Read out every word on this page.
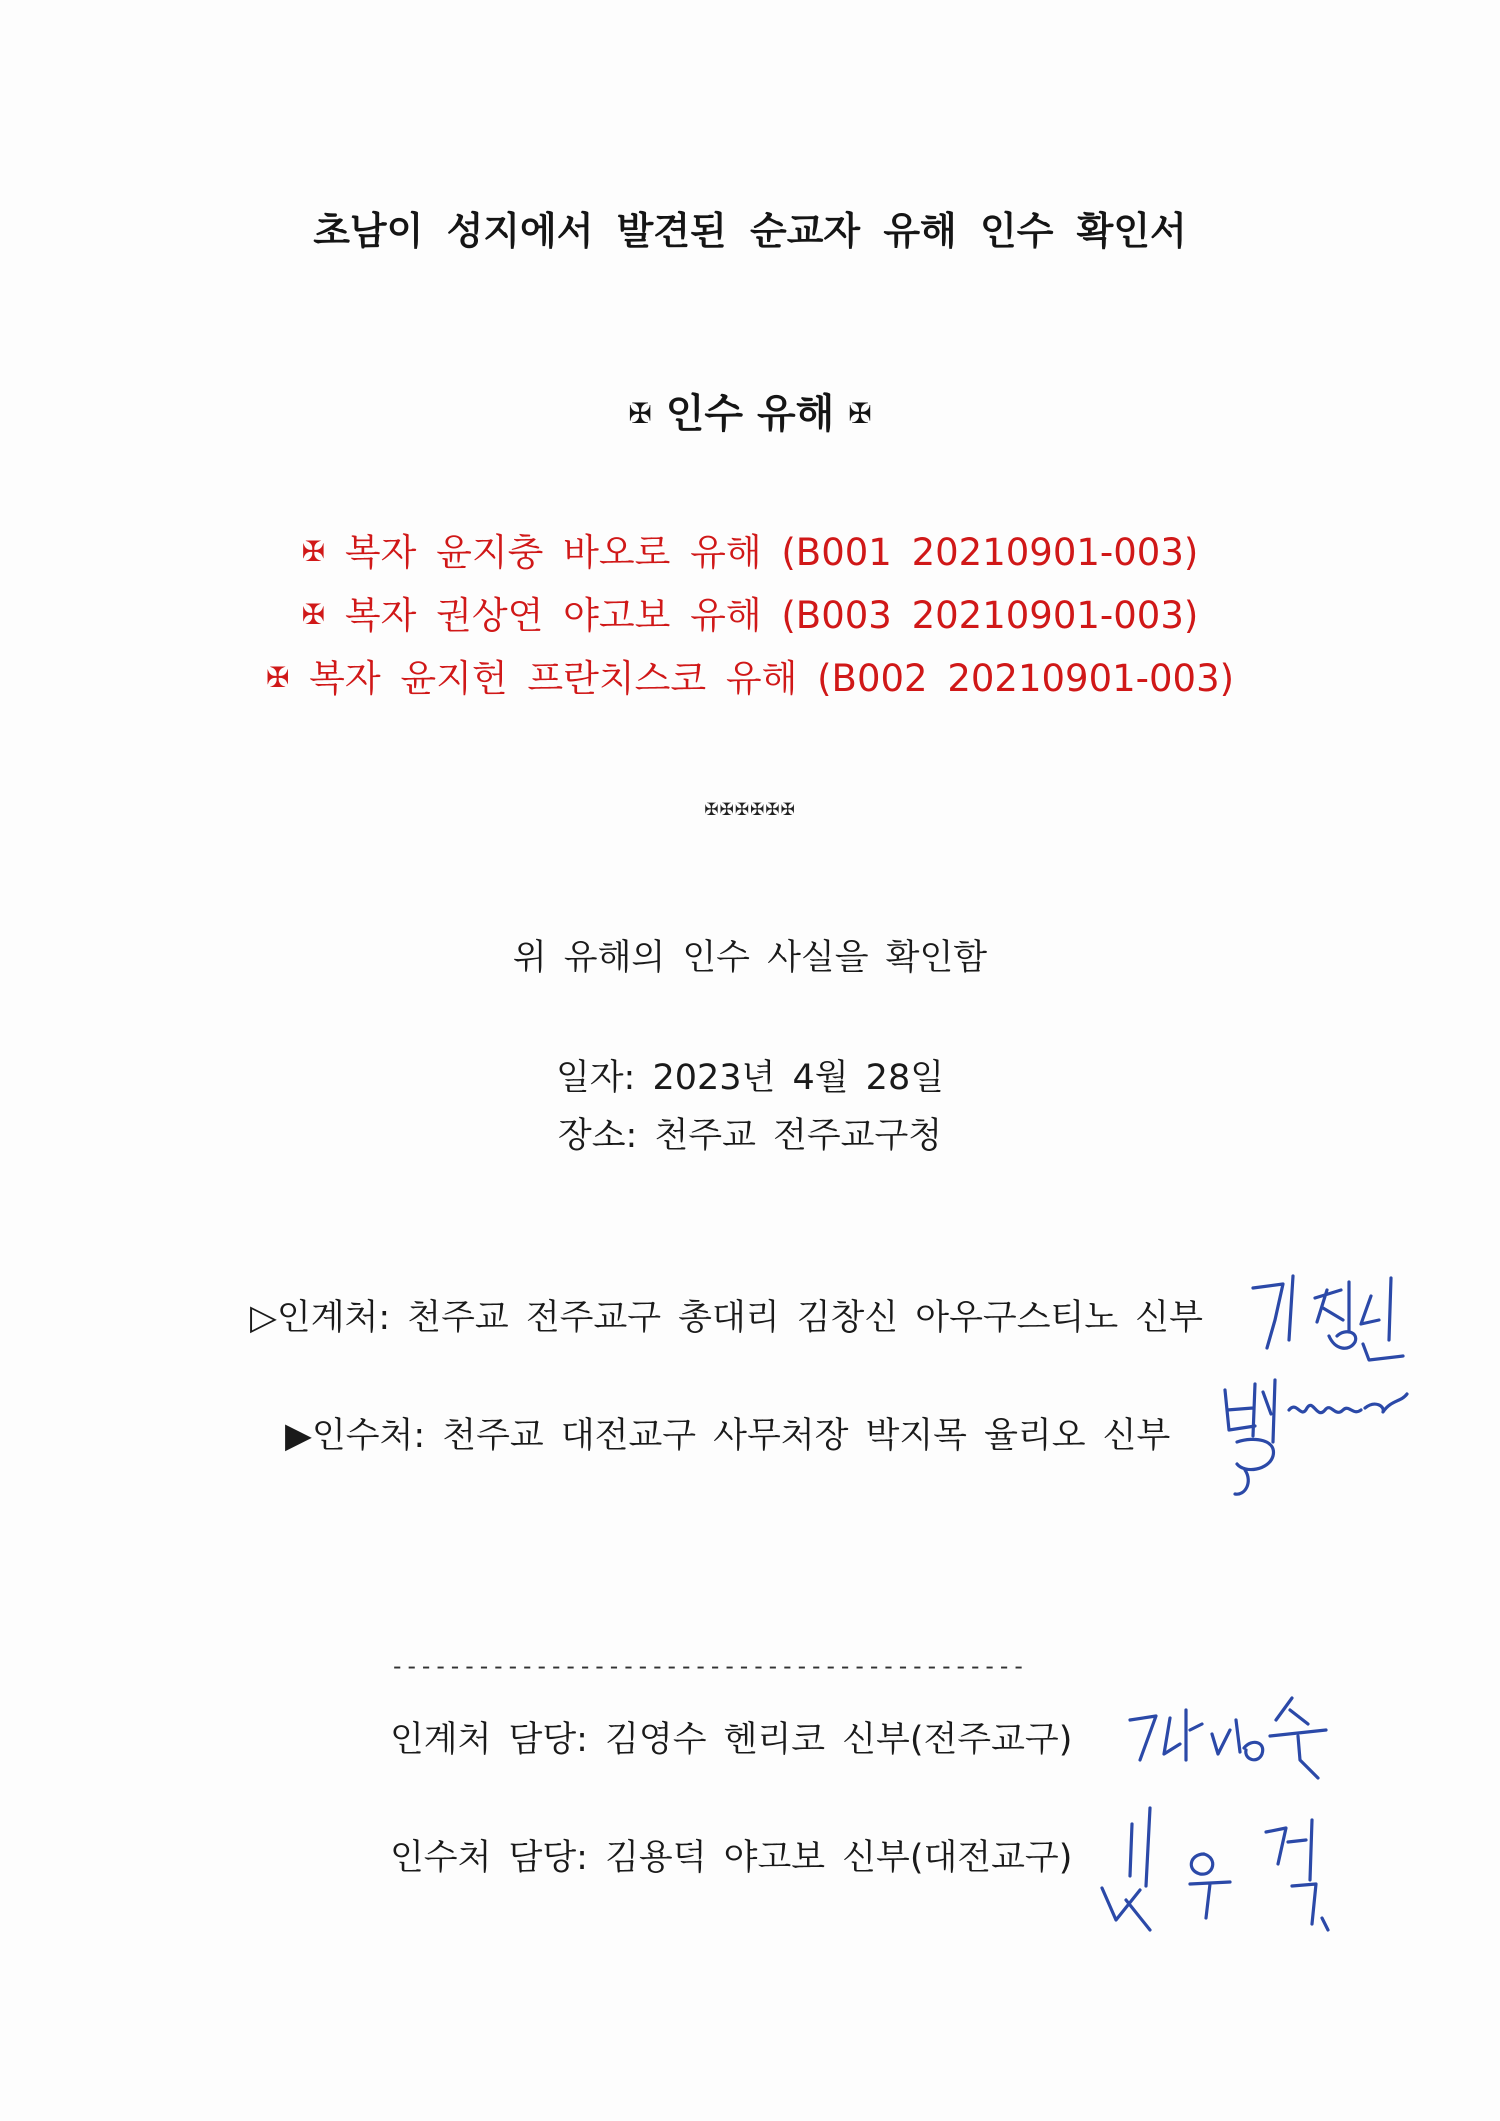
초남이 성지에서 발견된 순교자 유해 인수 확인서
✠ 인수 유해 ✠
✠ 복자 윤지충 바오로 유해 (B001 20210901-003)
✠ 복자 권상연 야고보 유해 (B003 20210901-003)
✠ 복자 윤지헌 프란치스코 유해 (B002 20210901-003)
✠✠✠✠✠✠
위 유해의 인수 사실을 확인함
일자: 2023년 4월 28일
장소: 천주교 전주교구청
▷인계처: 천주교 전주교구 총대리 김창신 아우구스티노 신부
▶인수처: 천주교 대전교구 사무처장 박지목 율리오 신부
--------------------------------------------
인계처 담당: 김영수 헨리코 신부(전주교구)
인수처 담당: 김용덕 야고보 신부(대전교구)
